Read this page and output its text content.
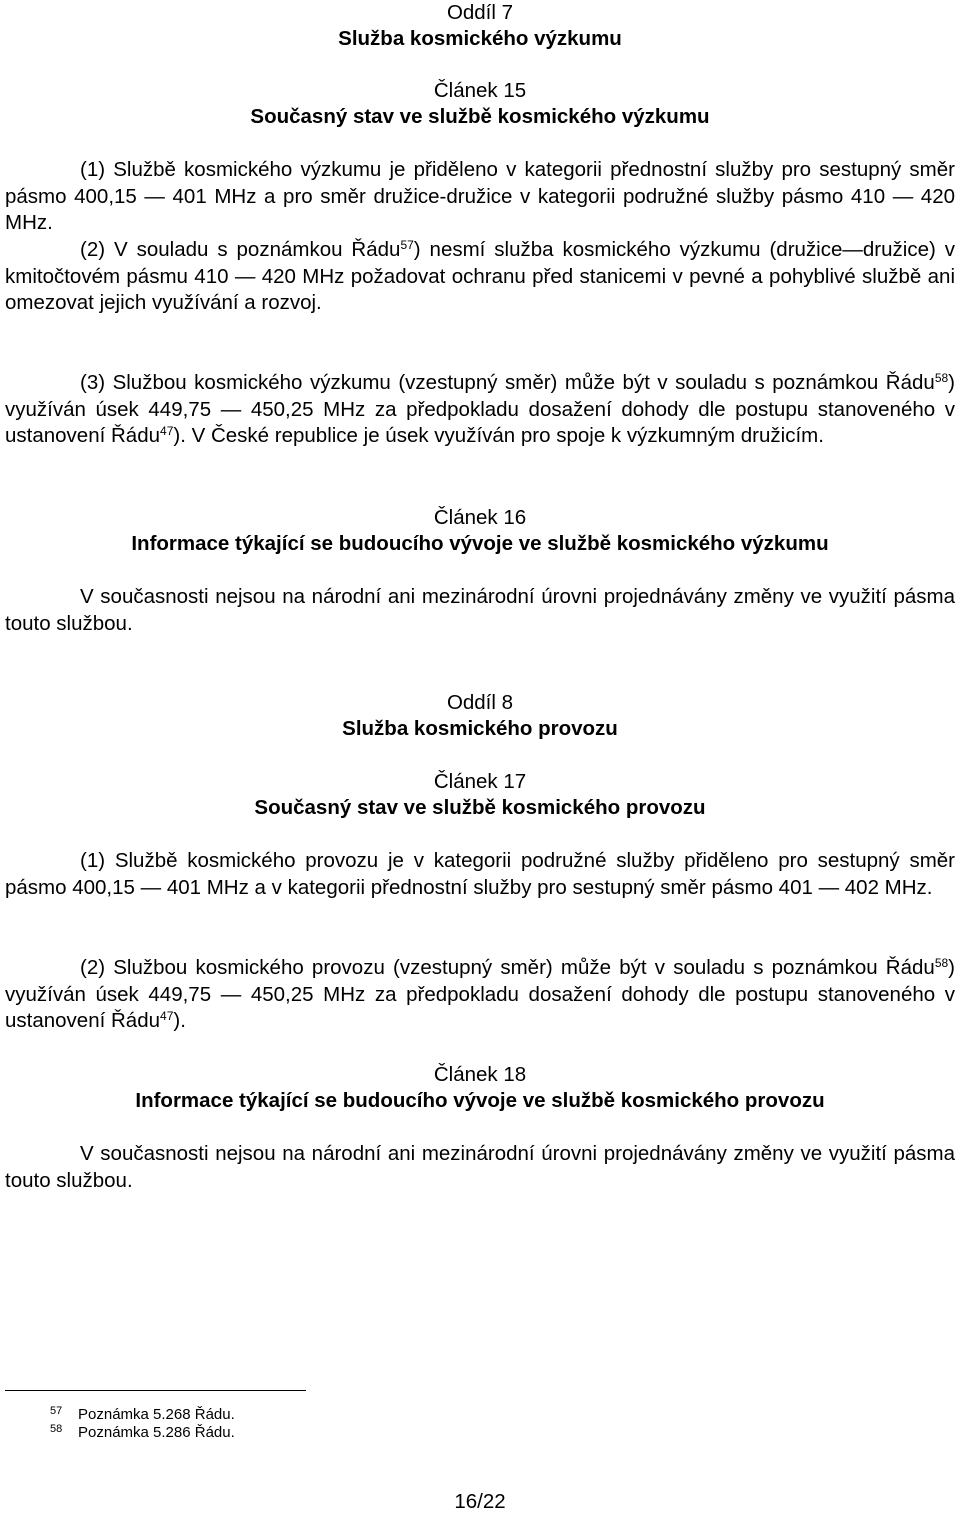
Oddíl 7
Služba kosmického výzkumu
Článek 15
Současný stav ve službě kosmického výzkumu
(1) Službě kosmického výzkumu je přiděleno v kategorii přednostní služby pro sestupný směr pásmo 400,15 — 401 MHz a pro směr družice-družice v kategorii podružné služby pásmo 410 — 420 MHz.
(2) V souladu s poznámkou Řádu$^{57}$) nesmí služba kosmického výzkumu (družice—družice) v kmitočtovém pásmu 410 — 420 MHz požadovat ochranu před stanicemi v pevné a pohyblivé službě ani omezovat jejich využívání a rozvoj.
(3) Službou kosmického výzkumu (vzestupný směr) může být v souladu s poznámkou Řádu$^{58}$) využíván úsek 449,75 — 450,25 MHz za předpokladu dosažení dohody dle postupu stanoveného v ustanovení Řádu$^{47}$). V České republice je úsek využíván pro spoje k výzkumným družicím.
Článek 16
Informace týkající se budoucího vývoje ve službě kosmického výzkumu
V současnosti nejsou na národní ani mezinárodní úrovni projednávány změny ve využití pásma touto službou.
Oddíl 8
Služba kosmického provozu
Článek 17
Současný stav ve službě kosmického provozu
(1) Službě kosmického provozu je v kategorii podružné služby přiděleno pro sestupný směr pásmo 400,15 — 401 MHz a v kategorii přednostní služby pro sestupný směr pásmo 401 — 402 MHz.
(2) Službou kosmického provozu (vzestupný směr) může být v souladu s poznámkou Řádu$^{58}$) využíván úsek 449,75 — 450,25 MHz za předpokladu dosažení dohody dle postupu stanoveného v ustanovení Řádu$^{47}$).
Článek 18
Informace týkající se budoucího vývoje ve službě kosmického provozu
V současnosti nejsou na národní ani mezinárodní úrovni projednávány změny ve využití pásma touto službou.
57 Poznámka 5.268 Řádu.
58 Poznámka 5.286 Řádu.
16/22
